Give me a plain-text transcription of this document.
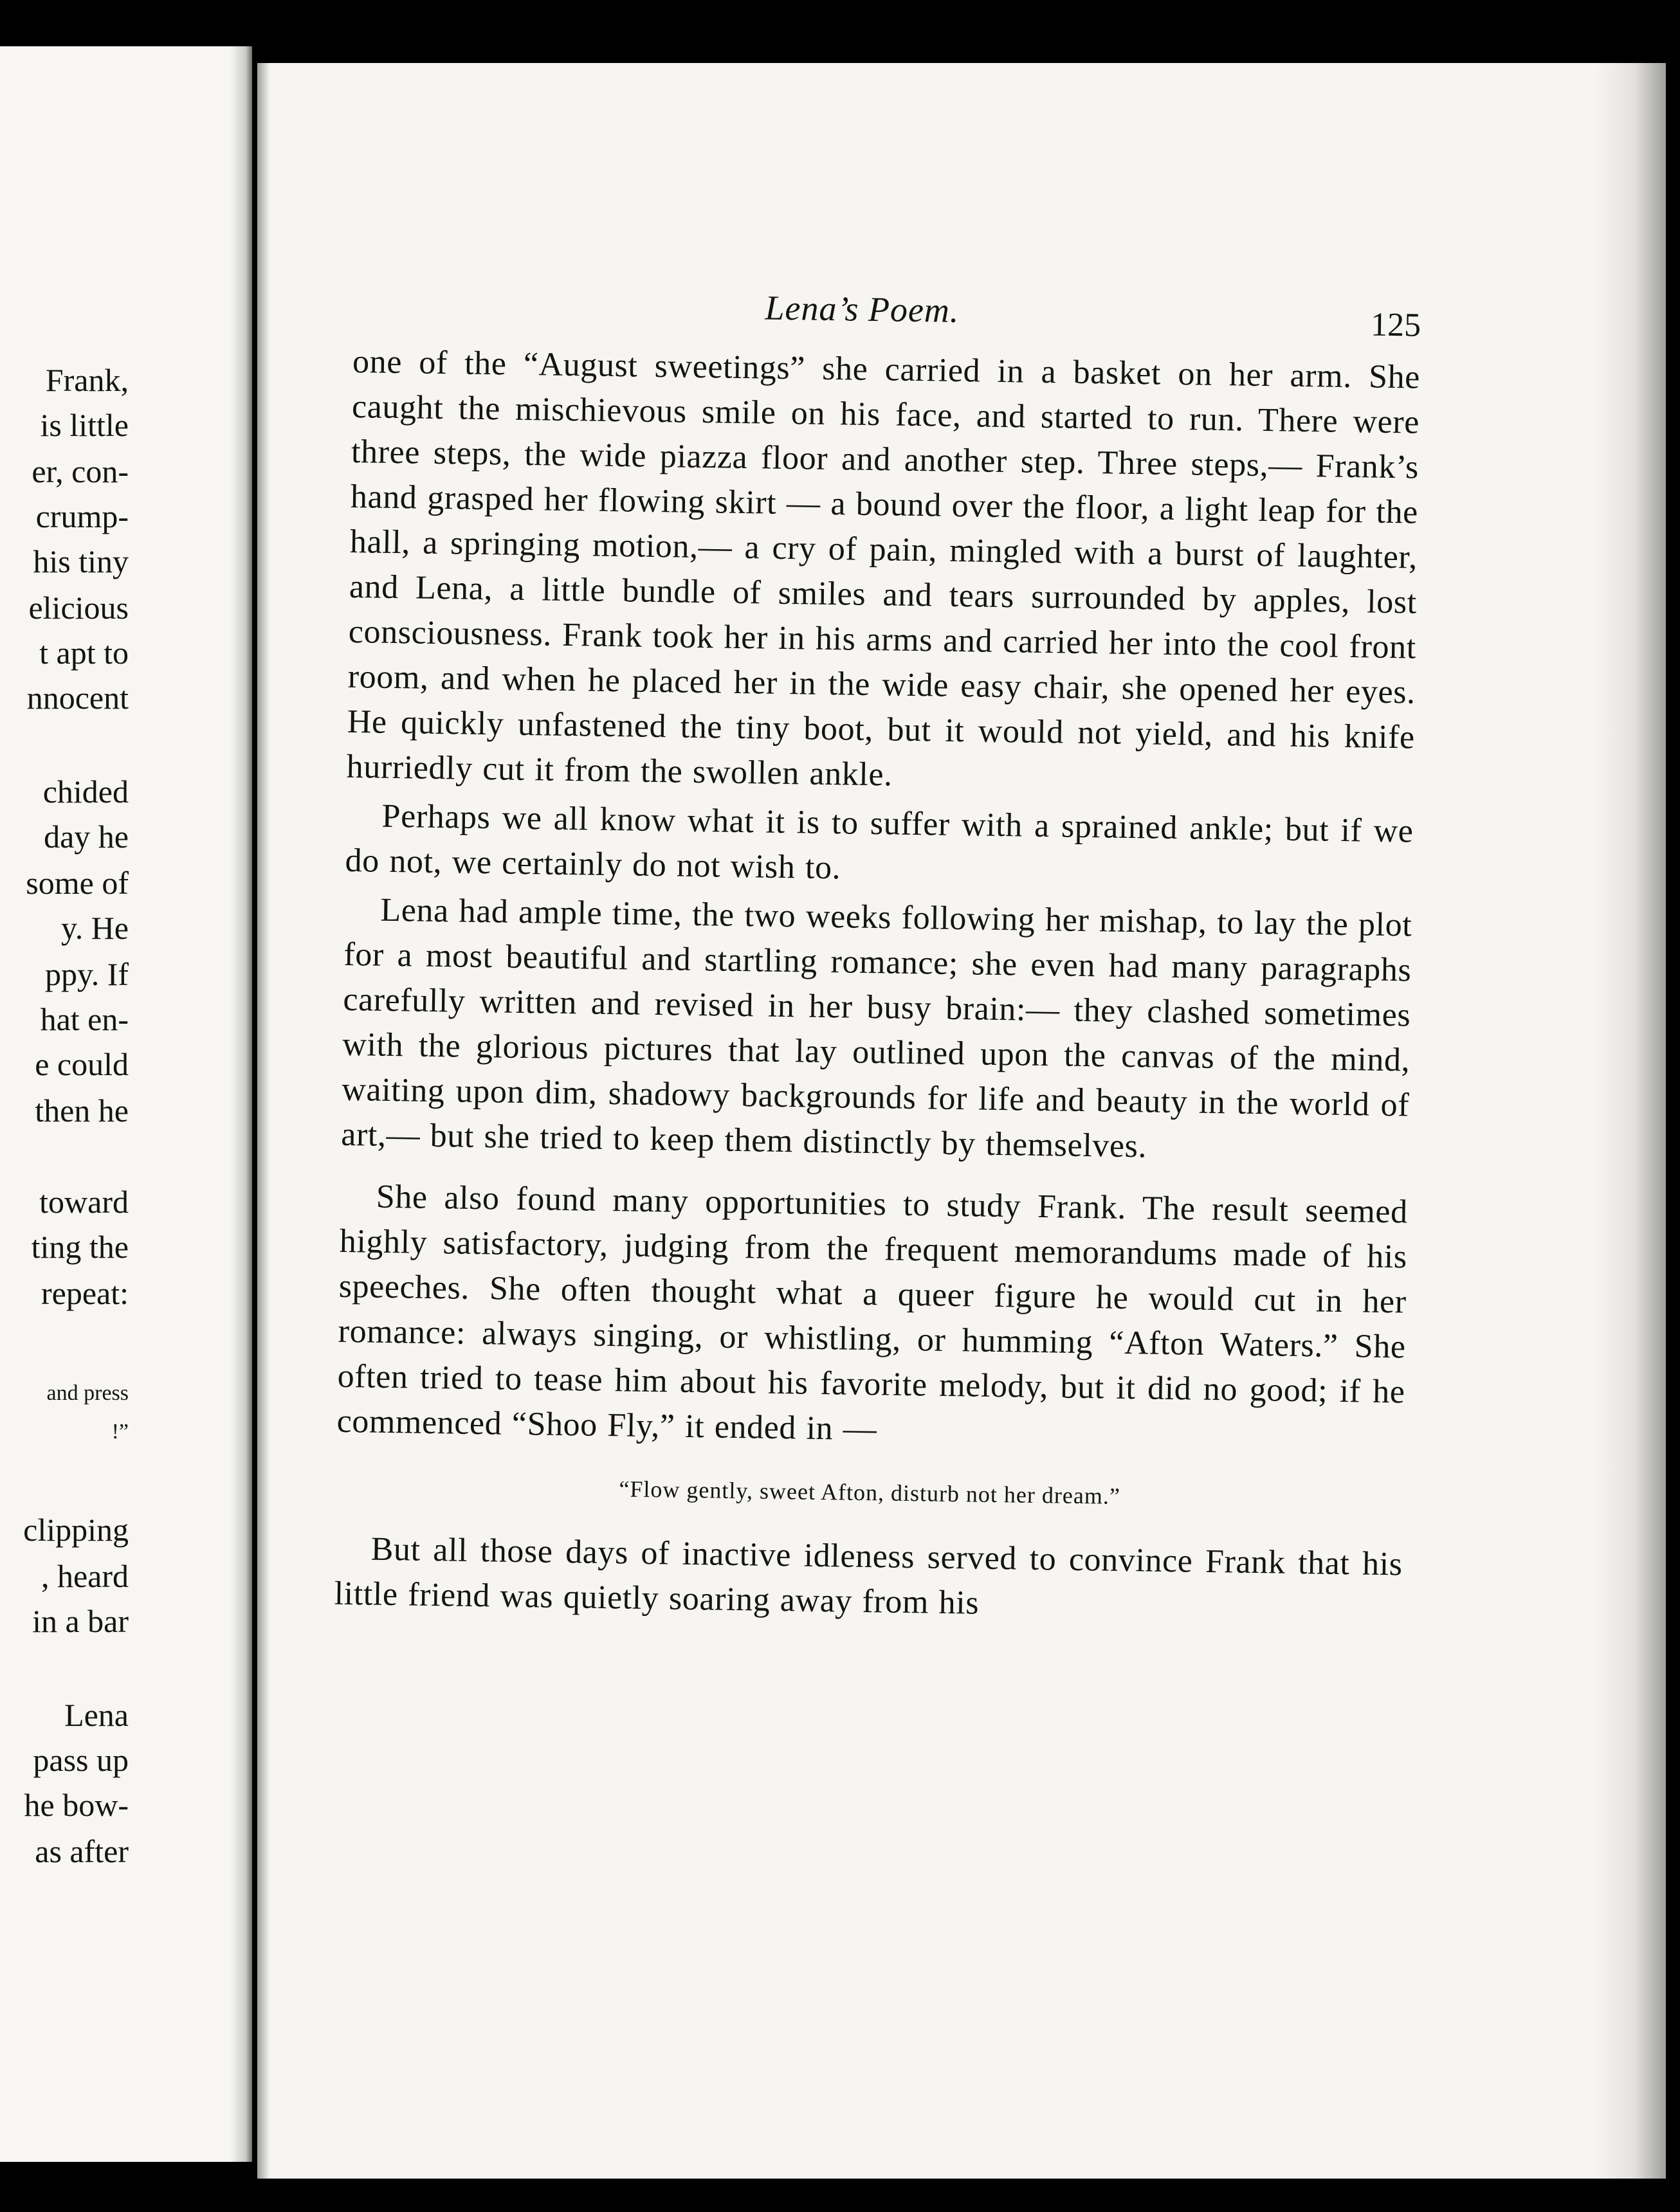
Frank,
is little
er, con-
crump-
his tiny
elicious
t apt to
nnocent
chided
day he
some of
y. He
ppy. If
hat en-
e could
then he
toward
ting the
repeat:
and press
!”
clipping
, heard
in a bar
Lena
pass up
he bow-
as after
Lena’s Poem.	125

one of the “August sweetings” she carried in a basket on her arm. She caught the mischievous smile on his face, and started to run. There were three steps, the wide piazza floor and another step. Three steps,— Frank’s hand grasped her flowing skirt — a bound over the floor, a light leap for the hall, a springing motion,— a cry of pain, mingled with a burst of laughter, and Lena, a little bundle of smiles and tears surrounded by apples, lost consciousness. Frank took her in his arms and carried her into the cool front room, and when he placed her in the wide easy chair, she opened her eyes. He quickly unfastened the tiny boot, but it would not yield, and his knife hurriedly cut it from the swollen ankle.

Perhaps we all know what it is to suffer with a sprained ankle; but if we do not, we certainly do not wish to.

Lena had ample time, the two weeks following her mishap, to lay the plot for a most beautiful and startling romance; she even had many paragraphs carefully written and revised in her busy brain:— they clashed sometimes with the glorious pictures that lay outlined upon the canvas of the mind, waiting upon dim, shadowy backgrounds for life and beauty in the world of art,— but she tried to keep them distinctly by themselves.

She also found many opportunities to study Frank. The result seemed highly satisfactory, judging from the frequent memorandums made of his speeches. She often thought what a queer figure he would cut in her romance: always singing, or whistling, or humming “Afton Waters.” She often tried to tease him about his favorite melody, but it did no good; if he commenced “Shoo Fly,” it ended in —

“Flow gently, sweet Afton, disturb not her dream.”

But all those days of inactive idleness served to convince Frank that his little friend was quietly soaring away from his
